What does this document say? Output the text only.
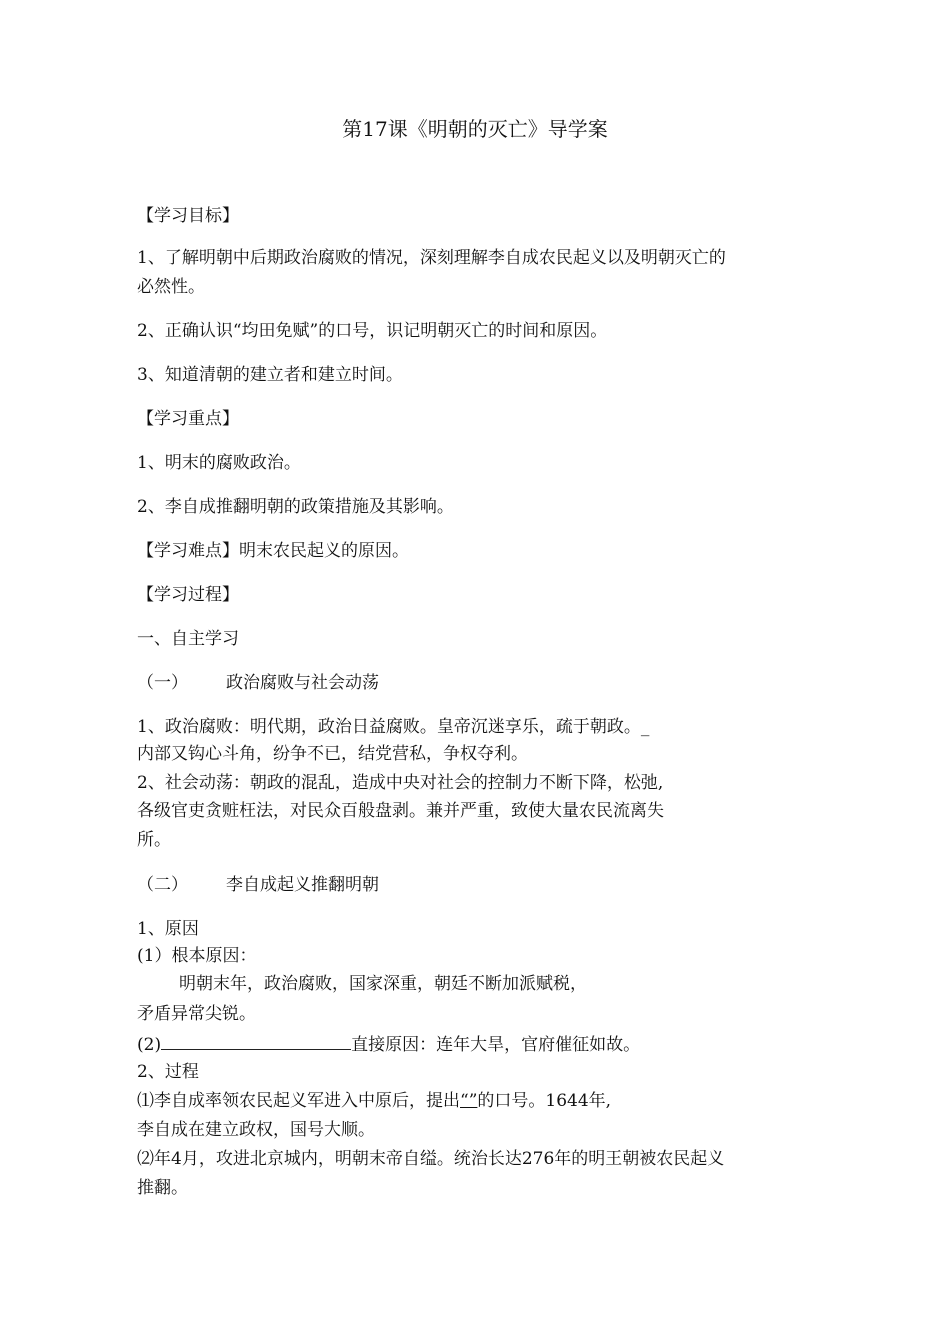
第17课《明朝的灭亡》导学案
【学习目标】
1、了解明朝中后期政治腐败的情况，深刻理解李自成农民起义以及明朝灭亡的
必然性。
2、正确认识“均田免赋”的口号，识记明朝灭亡的时间和原因。
3、知道清朝的建立者和建立时间。
【学习重点】
1、明末的腐败政治。
2、李自成推翻明朝的政策措施及其影响。
【学习难点】明末农民起义的原因。
【学习过程】
一、自主学习
（一） 政治腐败与社会动荡
1、政治腐败：明代期，政治日益腐败。皇帝沉迷享乐，疏于朝政。_
内部又钩心斗角，纷争不已，结党营私，争权夺利。
2、社会动荡：朝政的混乱，造成中央对社会的控制力不断下降，松弛,
各级官吏贪赃枉法，对民众百般盘剥。兼并严重，致使大量农民流离失
所。
（二） 李自成起义推翻明朝
1、原因
(1）根本原因：
明朝末年，政治腐败，国家深重，朝廷不断加派赋税，
矛盾异常尖锐。
(2)	直接原因：连年大旱，官府催征如故。
2、过程
⑴李自成率领农民起义军进入中原后，提出“”的口号。1644年,
李自成在建立政权，国号大顺。
⑵年4月，攻进北京城内，明朝末帝自缢。统治长达276年的明王朝被农民起义
推翻。
